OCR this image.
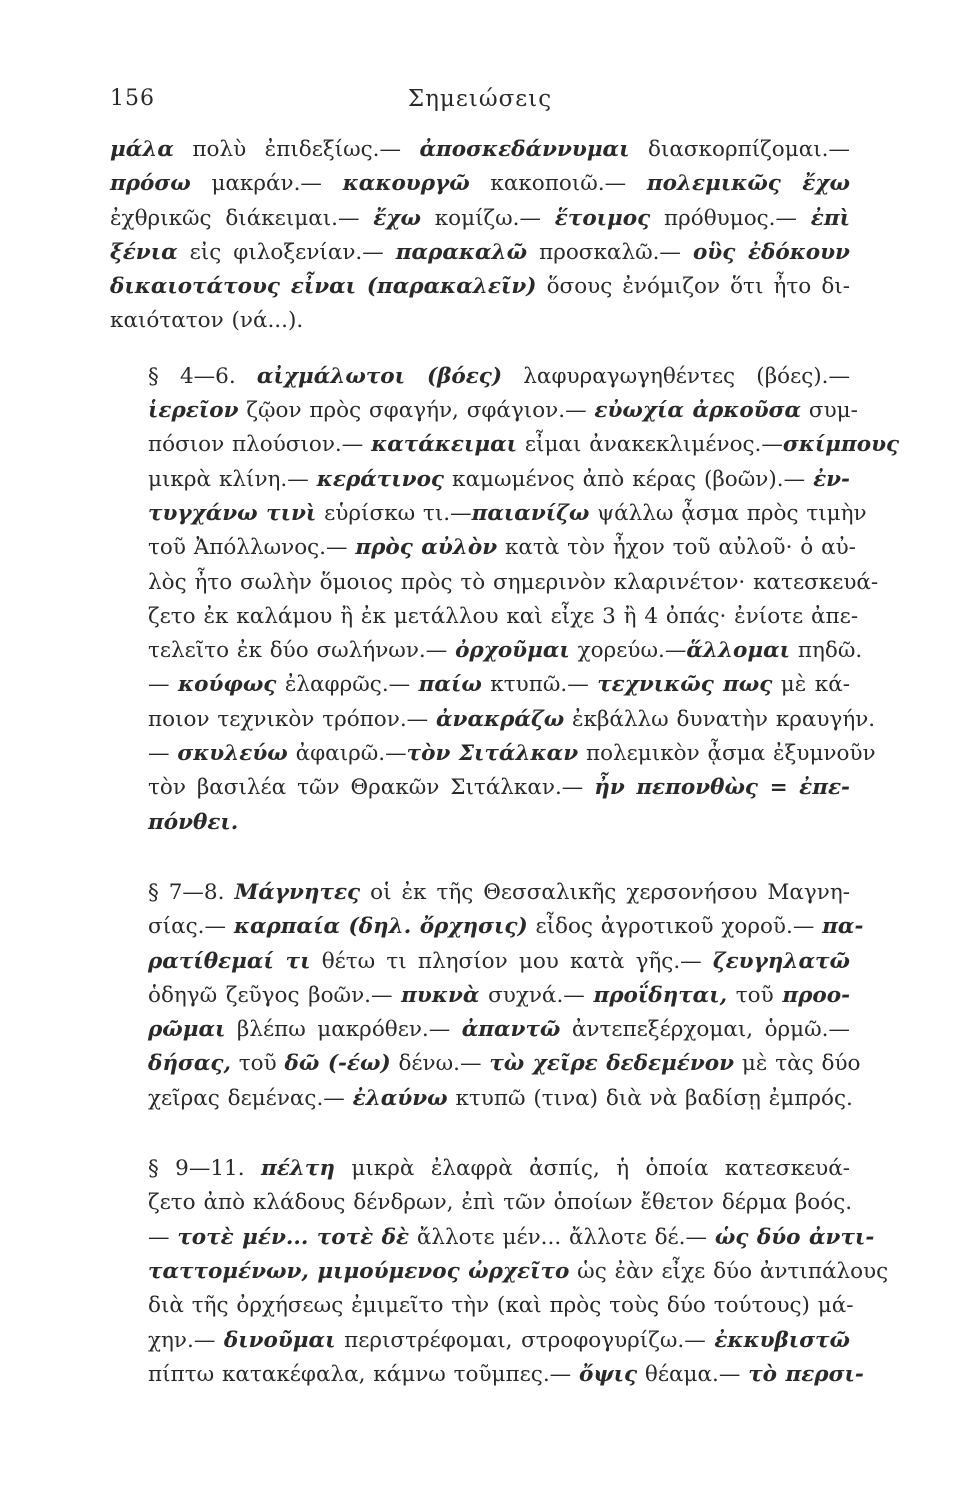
156	Σημειώσεις
μάλα πολὺ ἐπιδεξίως.— ἀποσκεδάννυμαι διασκορπίζομαι.—
πρόσω μακράν.— κακουργῶ κακοποιῶ.— πολεμικῶς ἔχω
ἐχθρικῶς διάκειμαι.— ἔχω κομίζω.— ἕτοιμος πρόθυμος.— ἐπὶ
ξένια εἰς φιλοξενίαν.— παρακαλῶ προσκαλῶ.— οὓς ἐδόκουν
δικαιοτάτους εἶναι (παρακαλεῖν) ὅσους ἐνόμιζον ὅτι ἦτο δι-
καιότατον (νά...).
§ 4—6. αἰχμάλωτοι (βόες) λαφυραγωγηθέντες (βόες).—
ἱερεῖον ζῷον πρὸς σφαγήν, σφάγιον.— εὐωχία ἀρκοῦσα συμ-
πόσιον πλούσιον.— κατάκειμαι εἶμαι ἀνακεκλιμένος.—σκίμπους
μικρὰ κλίνη.— κεράτινος καμωμένος ἀπὸ κέρας (βοῶν).— ἐν-
τυγχάνω τινὶ εὑρίσκω τι.—παιανίζω ψάλλω ᾆσμα πρὸς τιμὴν
τοῦ Ἀπόλλωνος.— πρὸς αὐλὸν κατὰ τὸν ἦχον τοῦ αὐλοῦ· ὁ αὐ-
λὸς ἦτο σωλὴν ὅμοιος πρὸς τὸ σημερινὸν κλαρινέτον· κατεσκευά-
ζετο ἐκ καλάμου ἢ ἐκ μετάλλου καὶ εἶχε 3 ἢ 4 ὀπάς· ἐνίοτε ἀπε-
τελεῖτο ἐκ δύο σωλήνων.— ὀρχοῦμαι χορεύω.—ἅλλομαι πηδῶ.
— κούφως ἐλαφρῶς.— παίω κτυπῶ.— τεχνικῶς πως μὲ κά-
ποιον τεχνικὸν τρόπον.— ἀνακράζω ἐκβάλλω δυνατὴν κραυγήν.
— σκυλεύω ἀφαιρῶ.—τὸν Σιτάλκαν πολεμικὸν ᾆσμα ἐξυμνοῦν
τὸν βασιλέα τῶν Θρακῶν Σιτάλκαν.— ἦν πεπονθὼς = ἐπε-
πόνθει.
§ 7—8. Μάγνητες οἱ ἐκ τῆς Θεσσαλικῆς χερσονήσου Μαγνη-
σίας.— καρπαία (δηλ. ὄρχησις) εἶδος ἀγροτικοῦ χοροῦ.— πα-
ρατίθεμαί τι θέτω τι πλησίον μου κατὰ γῆς.— ζευγηλατῶ
ὁδηγῶ ζεῦγος βοῶν.— πυκνὰ συχνά.— προΐδηται, τοῦ προο-
ρῶμαι βλέπω μακρόθεν.— ἀπαντῶ ἀντεπεξέρχομαι, ὁρμῶ.—
δήσας, τοῦ δῶ (-έω) δένω.— τὼ χεῖρε δεδεμένον μὲ τὰς δύο
χεῖρας δεμένας.— ἐλαύνω κτυπῶ (τινα) διὰ νὰ βαδίσῃ ἐμπρός.
§ 9—11. πέλτη μικρὰ ἐλαφρὰ ἀσπίς, ἡ ὁποία κατεσκευά-
ζετο ἀπὸ κλάδους δένδρων, ἐπὶ τῶν ὁποίων ἔθετον δέρμα βοός.
— τοτὲ μέν... τοτὲ δὲ ἄλλοτε μέν... ἄλλοτε δέ.— ὡς δύο ἀντι-
ταττομένων, μιμούμενος ὠρχεῖτο ὡς ἐὰν εἶχε δύο ἀντιπάλους
διὰ τῆς ὀρχήσεως ἐμιμεῖτο τὴν (καὶ πρὸς τοὺς δύο τούτους) μά-
χην.— δινοῦμαι περιστρέφομαι, στροφογυρίζω.— ἐκκυβιστῶ
πίπτω κατακέφαλα, κάμνω τοῦμπες.— ὄψις θέαμα.— τὸ περσι-
